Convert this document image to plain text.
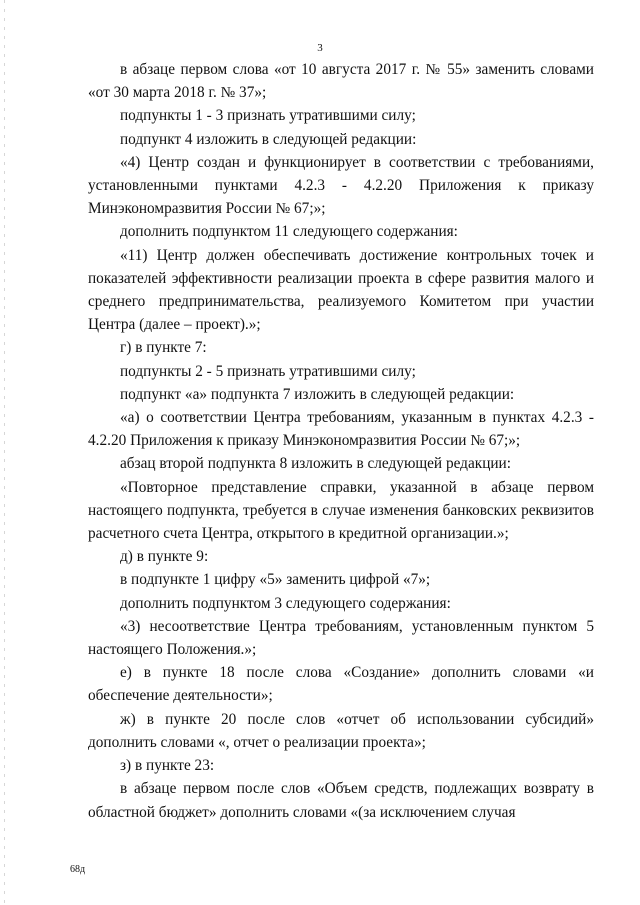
3

в абзаце первом слова «от 10 августа 2017 г. № 55» заменить словами «от 30 марта 2018 г. № 37»;

подпункты 1 - 3 признать утратившими силу;

подпункт 4 изложить в следующей редакции:

«4) Центр создан и функционирует в соответствии с требованиями, установленными пунктами 4.2.3 - 4.2.20 Приложения к приказу Минэкономразвития России № 67;»;

дополнить подпунктом 11 следующего содержания:

«11) Центр должен обеспечивать достижение контрольных точек и показателей эффективности реализации проекта в сфере развития малого и среднего предпринимательства, реализуемого Комитетом при участии Центра (далее – проект).»;

г) в пункте 7:

подпункты 2 - 5 признать утратившими силу;

подпункт «а» подпункта 7 изложить в следующей редакции:

«а) о соответствии Центра требованиям, указанным в пунктах 4.2.3 - 4.2.20 Приложения к приказу Минэкономразвития России № 67;»;

абзац второй подпункта 8 изложить в следующей редакции:

«Повторное представление справки, указанной в абзаце первом настоящего подпункта, требуется в случае изменения банковских реквизитов расчетного счета Центра, открытого в кредитной организации.»;

д) в пункте 9:

в подпункте 1 цифру «5» заменить цифрой «7»;

дополнить подпунктом 3 следующего содержания:

«3) несоответствие Центра требованиям, установленным пунктом 5 настоящего Положения.»;

е) в пункте 18 после слова «Создание» дополнить словами «и обеспечение деятельности»;

ж) в пункте 20 после слов «отчет об использовании субсидий» дополнить словами «, отчет о реализации проекта»;

з) в пункте 23:

в абзаце первом после слов «Объем средств, подлежащих возврату в областной бюджет» дополнить словами «(за исключением случая

68д
